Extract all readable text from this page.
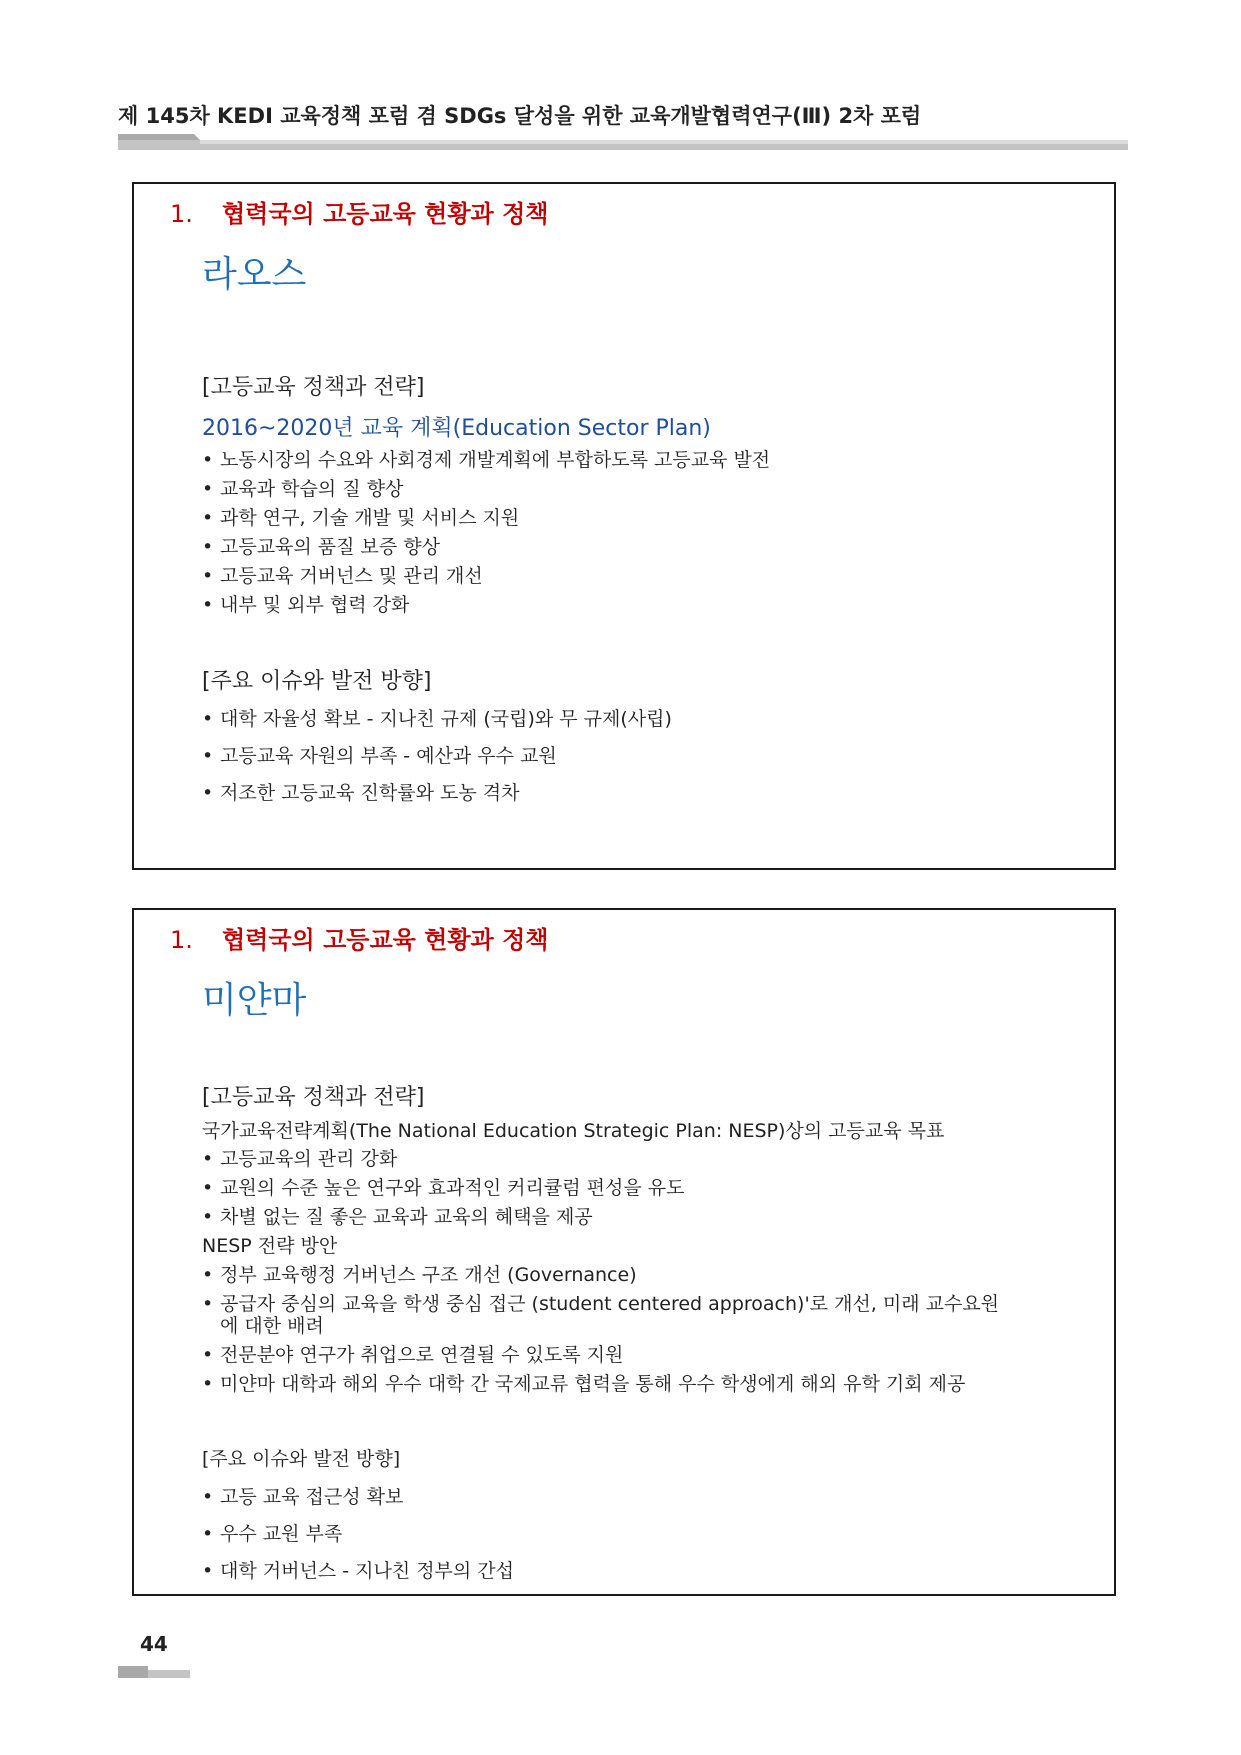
제 145차 KEDI 교육정책 포럼 겸 SDGs 달성을 위한 교육개발협력연구(Ⅲ) 2차 포럼
1. 협력국의 고등교육 현황과 정책
라오스
[고등교육 정책과 전략]
2016~2020년 교육 계획(Education Sector Plan)
• 노동시장의 수요와 사회경제 개발계획에 부합하도록 고등교육 발전
• 교육과 학습의 질 향상
• 과학 연구, 기술 개발 및 서비스 지원
• 고등교육의 품질 보증 향상
• 고등교육 거버넌스 및 관리 개선
• 내부 및 외부 협력 강화
[주요 이슈와 발전 방향]
• 대학 자율성 확보 - 지나친 규제 (국립)와 무 규제(사립)
• 고등교육 자원의 부족 - 예산과 우수 교원
• 저조한 고등교육 진학률와 도농 격차
1. 협력국의 고등교육 현황과 정책
미얀마
[고등교육 정책과 전략]
국가교육전략계획(The National Education Strategic Plan: NESP)상의 고등교육 목표
• 고등교육의 관리 강화
• 교원의 수준 높은 연구와 효과적인 커리큘럼 편성을 유도
• 차별 없는 질 좋은 교육과 교육의 혜택을 제공
NESP 전략 방안
• 정부 교육행정 거버넌스 구조 개선 (Governance)
• 공급자 중심의 교육을 학생 중심 접근 (student centered approach)'로 개선, 미래 교수요원에 대한 배려
• 전문분야 연구가 취업으로 연결될 수 있도록 지원
• 미얀마 대학과 해외 우수 대학 간 국제교류 협력을 통해 우수 학생에게 해외 유학 기회 제공
[주요 이슈와 발전 방향]
• 고등 교육 접근성 확보
• 우수 교원 부족
• 대학 거버넌스 - 지나친 정부의 간섭
44
